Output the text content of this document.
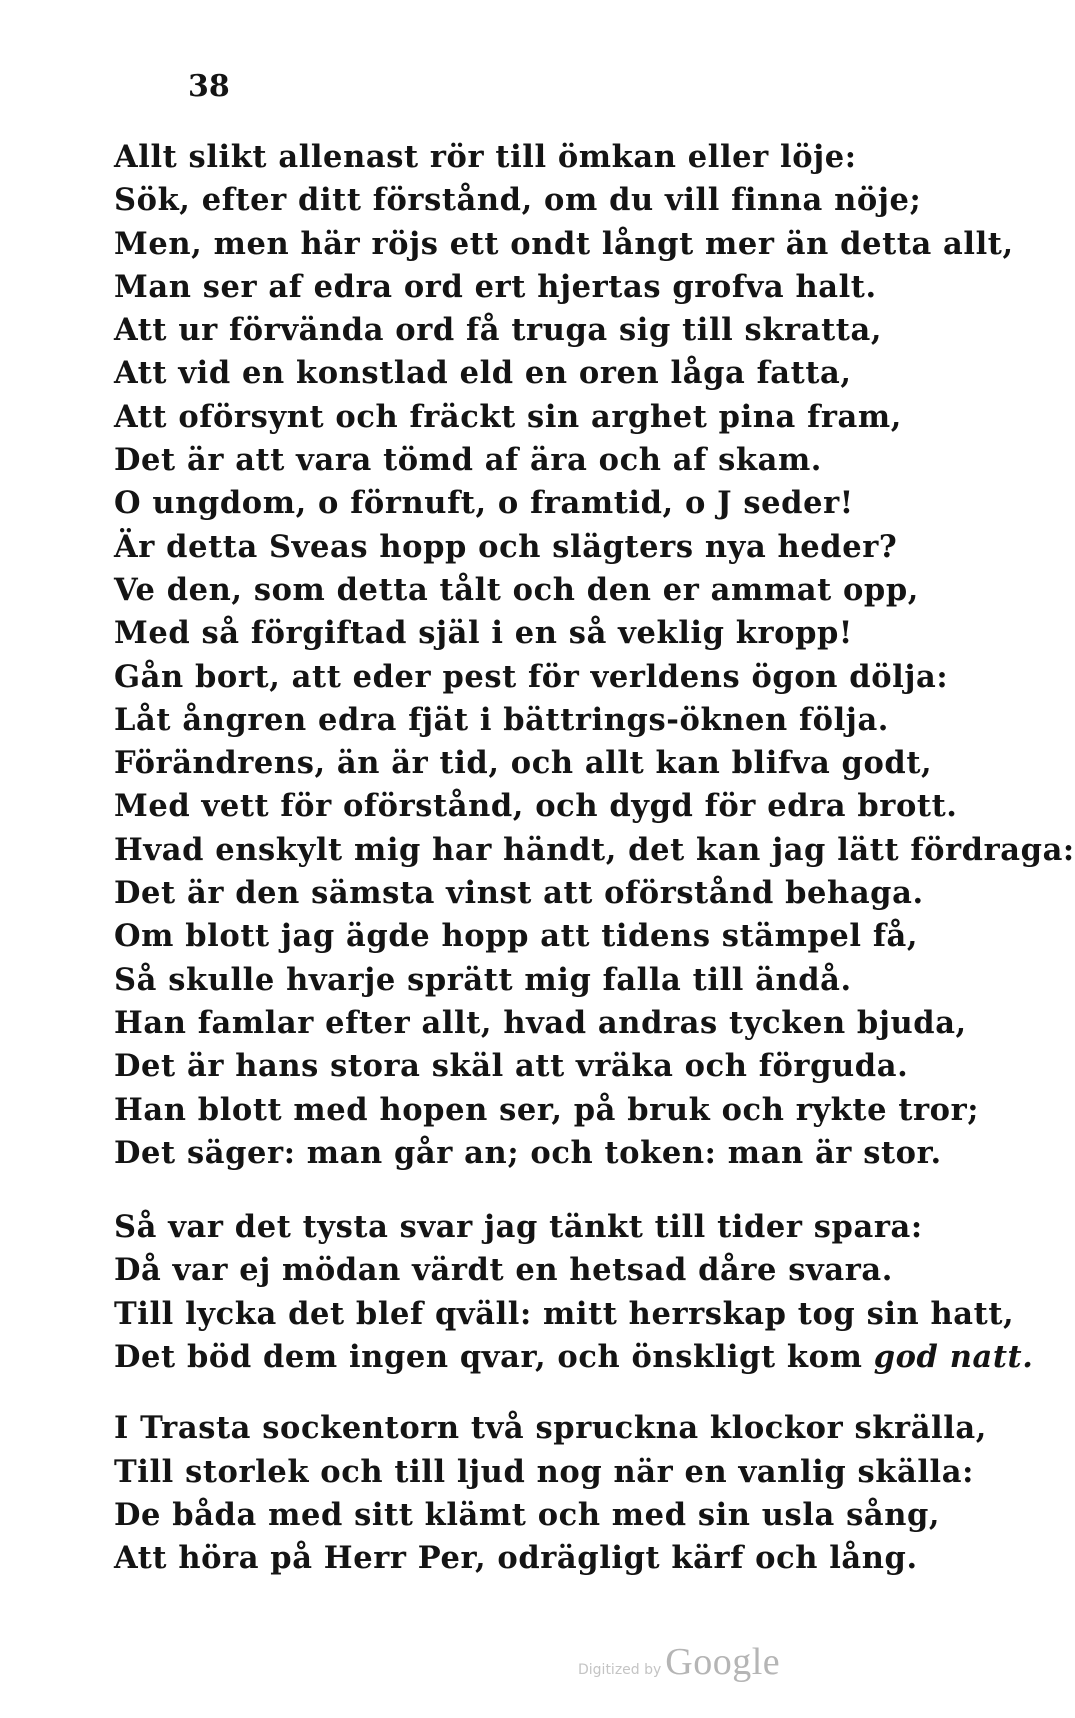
38
Allt slikt allenast rör till ömkan eller löje:
Sök, efter ditt förstånd, om du vill finna nöje;
Men, men här röjs ett ondt långt mer än detta allt,
Man ser af edra ord ert hjertas grofva halt.
Att ur förvända ord få truga sig till skratta,
Att vid en konstlad eld en oren låga fatta,
Att oförsynt och fräckt sin arghet pina fram,
Det är att vara tömd af ära och af skam.
O ungdom, o förnuft, o framtid, o J seder!
Är detta Sveas hopp och slägters nya heder?
Ve den, som detta tålt och den er ammat opp,
Med så förgiftad själ i en så veklig kropp!
Gån bort, att eder pest för verldens ögon dölja:
Låt ångren edra fjät i bättrings-öknen följa.
Förändrens, än är tid, och allt kan blifva godt,
Med vett för oförstånd, och dygd för edra brott.
Hvad enskylt mig har händt, det kan jag lätt fördraga:
Det är den sämsta vinst att oförstånd behaga.
Om blott jag ägde hopp att tidens stämpel få,
Så skulle hvarje sprätt mig falla till ändå.
Han famlar efter allt, hvad andras tycken bjuda,
Det är hans stora skäl att vräka och förguda.
Han blott med hopen ser, på bruk och rykte tror;
Det säger: man går an; och token: man är stor.
Så var det tysta svar jag tänkt till tider spara:
Då var ej mödan värdt en hetsad dåre svara.
Till lycka det blef qväll: mitt herrskap tog sin hatt,
Det böd dem ingen qvar, och önskligt kom god natt.
I Trasta sockentorn två spruckna klockor skrälla,
Till storlek och till ljud nog när en vanlig skälla:
De båda med sitt klämt och med sin usla sång,
Att höra på Herr Per, odrägligt kärf och lång.
Digitized by Google
